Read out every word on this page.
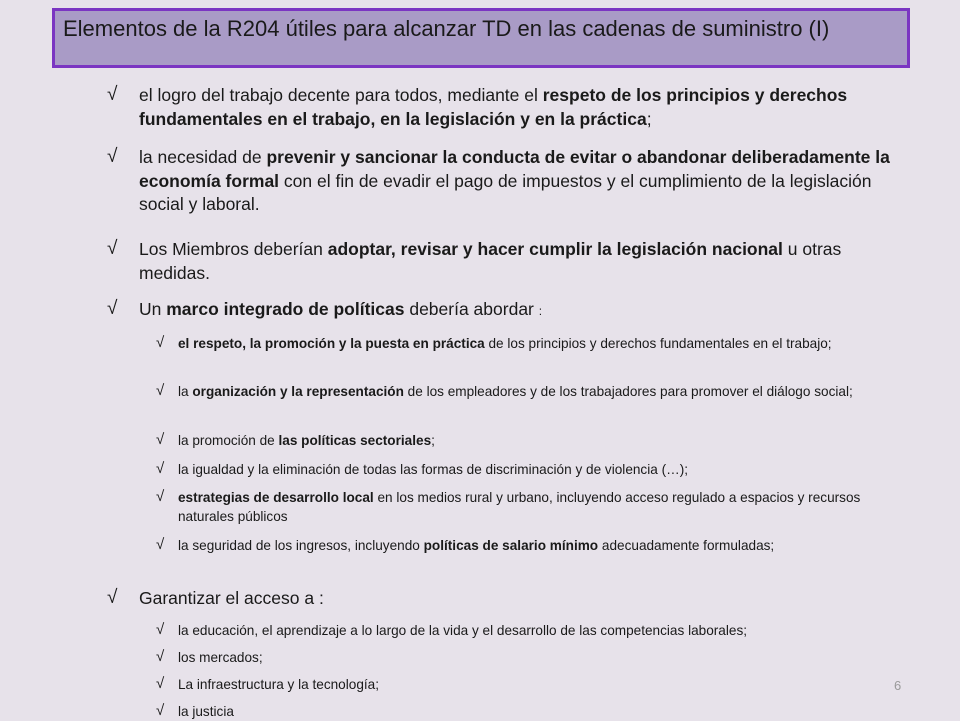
Elementos de la R204 útiles para alcanzar TD en las cadenas de suministro (I)
√ el logro del trabajo decente para todos, mediante el respeto de los principios y derechos fundamentales en el trabajo, en la legislación y en la práctica;
√ la necesidad de prevenir y sancionar la conducta de evitar o abandonar deliberadamente la economía formal con el fin de evadir el pago de impuestos y el cumplimiento de la legislación social y laboral.
√ Los Miembros deberían adoptar, revisar y hacer cumplir la legislación nacional u otras medidas.
√ Un marco integrado de políticas debería abordar :
√ el respeto, la promoción y la puesta en práctica de los principios y derechos fundamentales en el trabajo;
√ la organización y la representación de los empleadores y de los trabajadores para promover el diálogo social;
√ la promoción de las políticas sectoriales;
√ la igualdad y la eliminación de todas las formas de discriminación y de violencia (…);
√ estrategias de desarrollo local en los medios rural y urbano, incluyendo acceso regulado a espacios y recursos naturales públicos
√ la seguridad de los ingresos, incluyendo políticas de salario mínimo adecuadamente formuladas;
√ Garantizar el acceso a :
√ la educación, el aprendizaje a lo largo de la vida y el desarrollo de las competencias laborales;
√ los mercados;
√ La infraestructura y la tecnología;
√ la justicia
6
